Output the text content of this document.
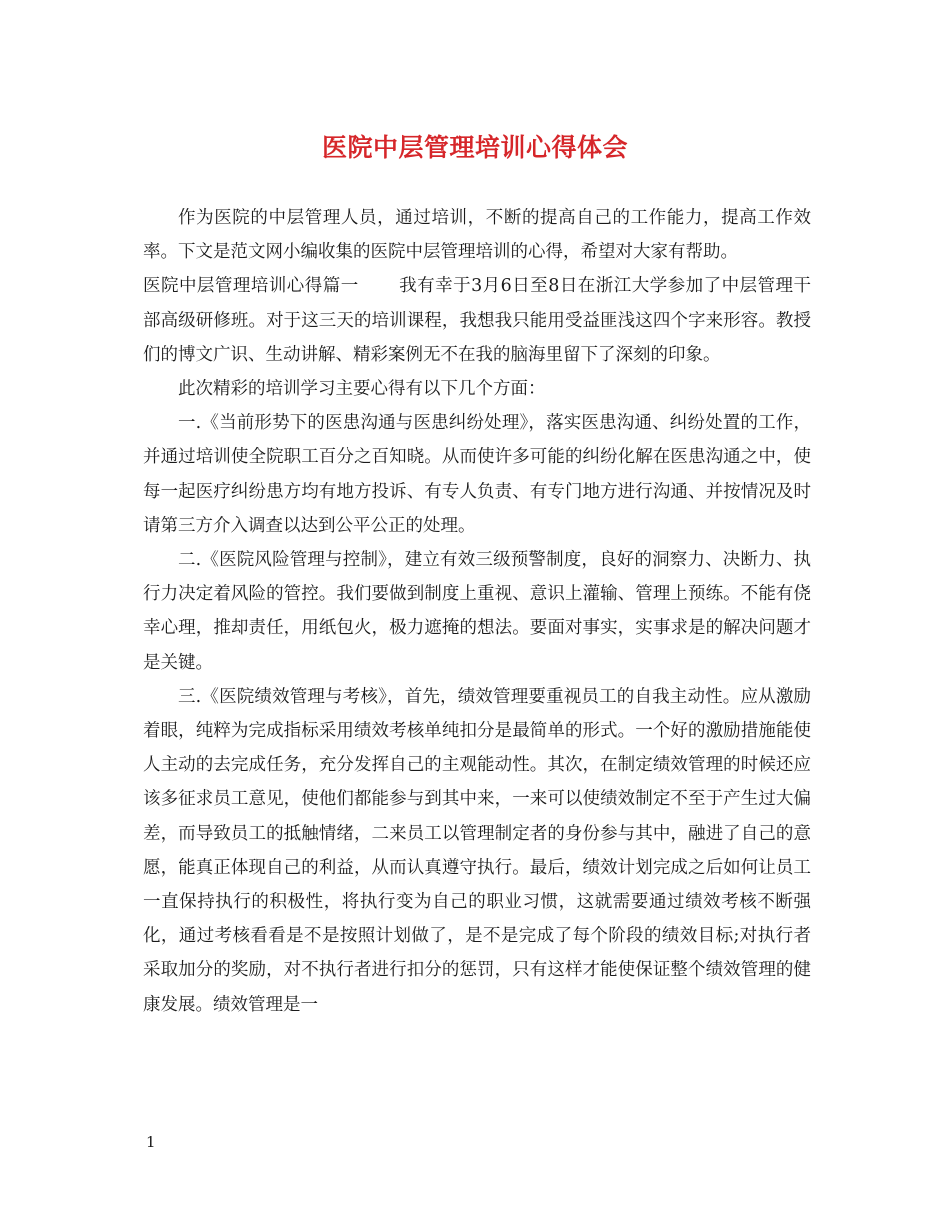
医院中层管理培训心得体会

作为医院的中层管理人员，通过培训，不断的提高自己的工作能力，提高工作效率。下文是范文网小编收集的医院中层管理培训的心得，希望对大家有帮助。

医院中层管理培训心得篇一 我有幸于3月6日至8日在浙江大学参加了中层管理干部高级研修班。对于这三天的培训课程，我想我只能用受益匪浅这四个字来形容。教授们的博文广识、生动讲解、精彩案例无不在我的脑海里留下了深刻的印象。

此次精彩的培训学习主要心得有以下几个方面：

一.《当前形势下的医患沟通与医患纠纷处理》，落实医患沟通、纠纷处置的工作，并通过培训使全院职工百分之百知晓。从而使许多可能的纠纷化解在医患沟通之中，使每一起医疗纠纷患方均有地方投诉、有专人负责、有专门地方进行沟通、并按情况及时请第三方介入调查以达到公平公正的处理。

二.《医院风险管理与控制》，建立有效三级预警制度，良好的洞察力、决断力、执行力决定着风险的管控。我们要做到制度上重视、意识上灌输、管理上预练。不能有侥幸心理，推却责任，用纸包火，极力遮掩的想法。要面对事实，实事求是的解决问题才是关键。

三.《医院绩效管理与考核》，首先，绩效管理要重视员工的自我主动性。应从激励着眼，纯粹为完成指标采用绩效考核单纯扣分是最简单的形式。一个好的激励措施能使人主动的去完成任务，充分发挥自己的主观能动性。其次，在制定绩效管理的时候还应该多征求员工意见，使他们都能参与到其中来，一来可以使绩效制定不至于产生过大偏差，而导致员工的抵触情绪，二来员工以管理制定者的身份参与其中，融进了自己的意愿，能真正体现自己的利益，从而认真遵守执行。最后，绩效计划完成之后如何让员工一直保持执行的积极性，将执行变为自己的职业习惯，这就需要通过绩效考核不断强化，通过考核看看是不是按照计划做了，是不是完成了每个阶段的绩效目标;对执行者采取加分的奖励，对不执行者进行扣分的惩罚，只有这样才能使保证整个绩效管理的健康发展。绩效管理是一

1
